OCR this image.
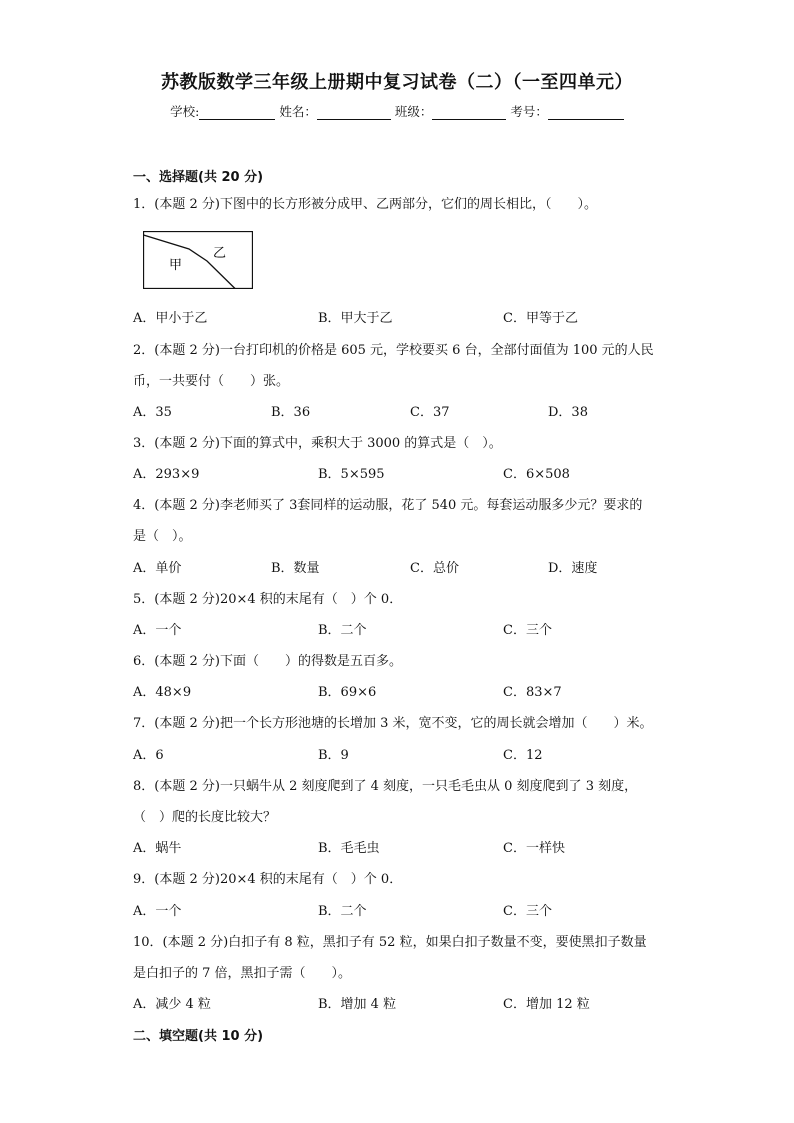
苏教版数学三年级上册期中复习试卷（二）（一至四单元）
学校:	姓名：	班级：	考号：
一、选择题(共 20 分)
1．(本题 2 分)下图中的长方形被分成甲、乙两部分，它们的周长相比，（　　）。
甲
乙
A．甲小于乙	B．甲大于乙	C．甲等于乙
2．(本题 2 分)一台打印机的价格是 605 元，学校要买 6 台，全部付面值为 100 元的人民
币，一共要付（　　）张。
A．35	B．36	C．37	D．38
3．(本题 2 分)下面的算式中，乘积大于 3000 的算式是（　）。
A．293×9	B．5×595	C．6×508
4．(本题 2 分)李老师买了 3套同样的运动服，花了 540 元。每套运动服多少元？要求的
是（　）。
A．单价	B．数量	C．总价	D．速度
5．(本题 2 分)20×4 积的末尾有（　）个 0．
A．一个	B．二个	C．三个
6．(本题 2 分)下面（　　）的得数是五百多。
A．48×9	B．69×6	C．83×7
7．(本题 2 分)把一个长方形池塘的长增加 3 米，宽不变，它的周长就会增加（　　）米。
A．6	B．9	C．12
8．(本题 2 分)一只蜗牛从 2 刻度爬到了 4 刻度，一只毛毛虫从 0 刻度爬到了 3 刻度，
（　）爬的长度比较大？
A．蜗牛	B．毛毛虫	C．一样快
9．(本题 2 分)20×4 积的末尾有（　）个 0．
A．一个	B．二个	C．三个
10．(本题 2 分)白扣子有 8 粒，黑扣子有 52 粒，如果白扣子数量不变，要使黑扣子数量
是白扣子的 7 倍，黑扣子需（　　）。
A．减少 4 粒	B．增加 4 粒	C．增加 12 粒
二、填空题(共 10 分)
